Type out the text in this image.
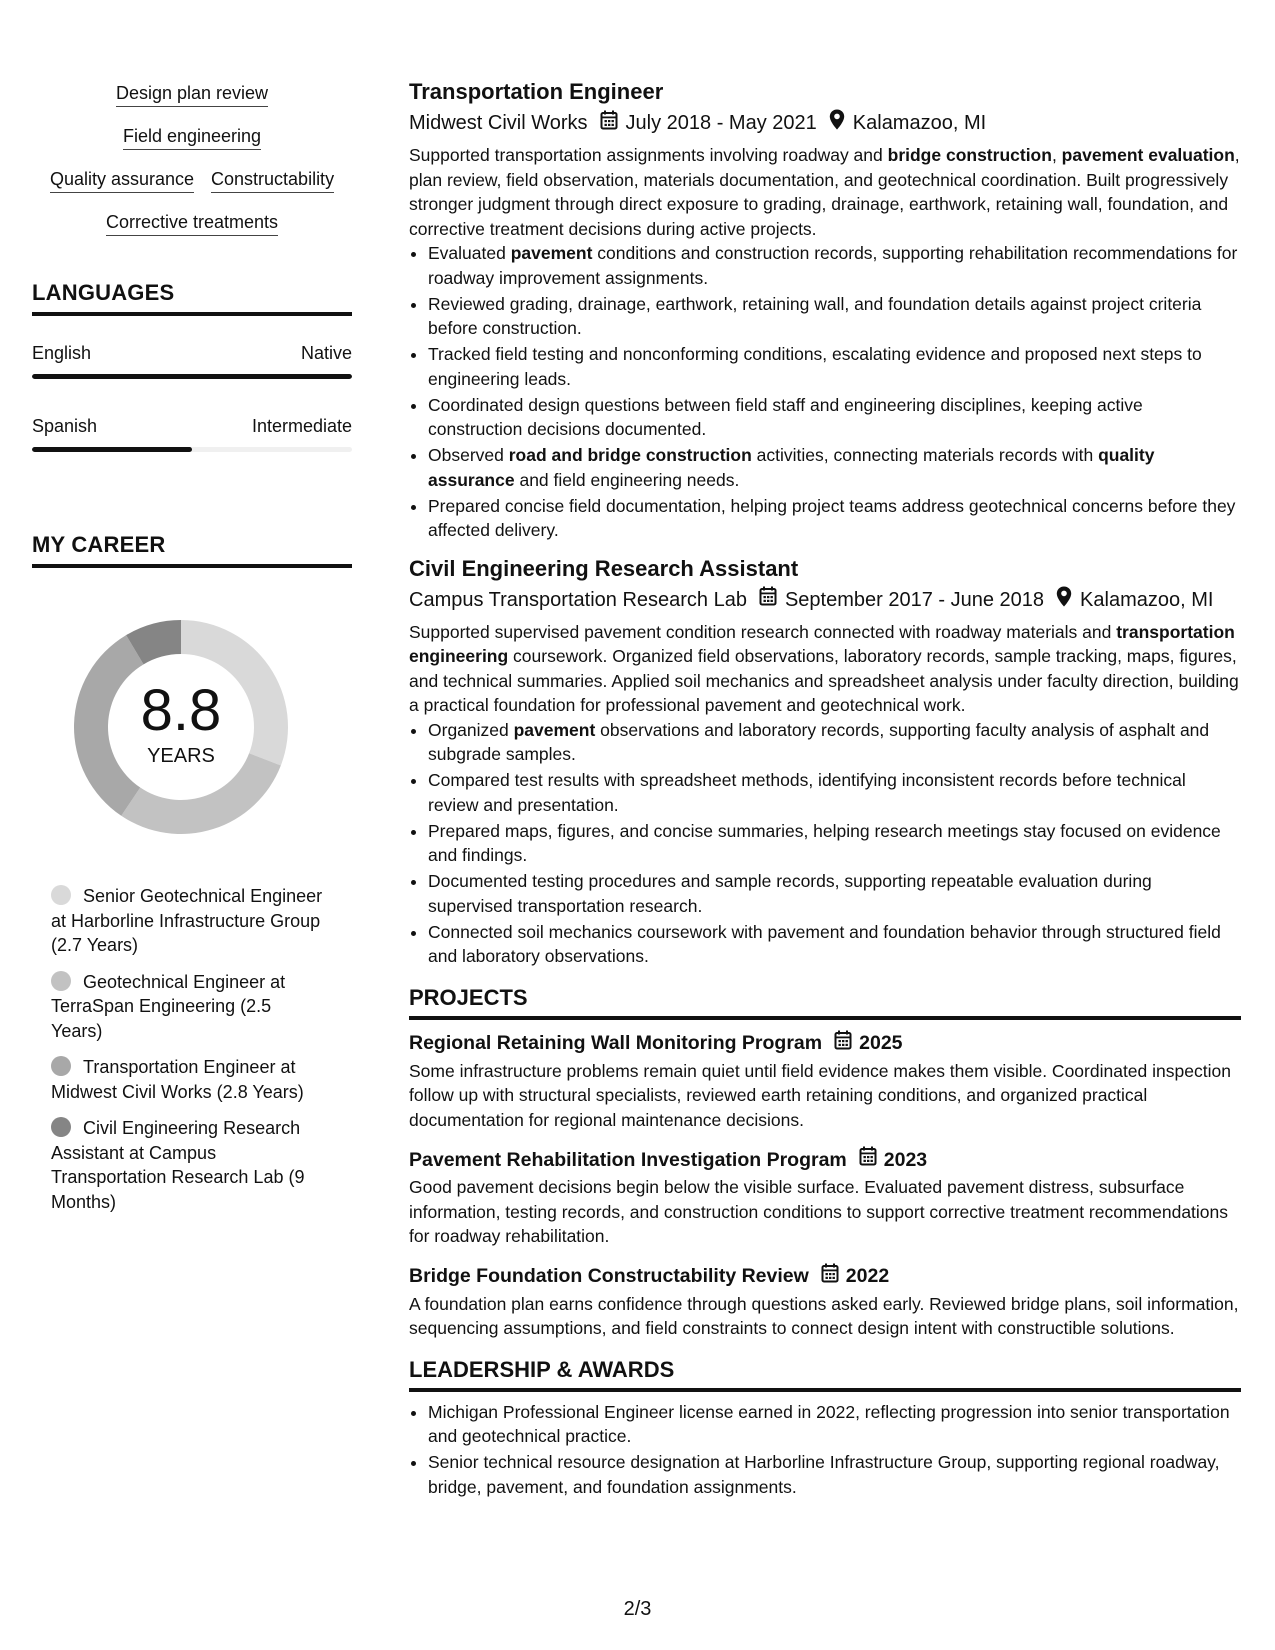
Design plan review
Field engineering
Quality assurance Constructability
Corrective treatments
LANGUAGES
English	Native
Spanish	Intermediate
MY CAREER
8.8
YEARS
Senior Geotechnical Engineer at Harborline Infrastructure Group (2.7 Years)
Geotechnical Engineer at TerraSpan Engineering (2.5 Years)
Transportation Engineer at Midwest Civil Works (2.8 Years)
Civil Engineering Research Assistant at Campus Transportation Research Lab (9 Months)
Transportation Engineer
Midwest Civil Works July 2018 - May 2021 Kalamazoo, MI
Supported transportation assignments involving roadway and bridge construction, pavement evaluation, plan review, field observation, materials documentation, and geotechnical coordination. Built progressively stronger judgment through direct exposure to grading, drainage, earthwork, retaining wall, foundation, and corrective treatment decisions during active projects.
• Evaluated pavement conditions and construction records, supporting rehabilitation recommendations for roadway improvement assignments.
• Reviewed grading, drainage, earthwork, retaining wall, and foundation details against project criteria before construction.
• Tracked field testing and nonconforming conditions, escalating evidence and proposed next steps to engineering leads.
• Coordinated design questions between field staff and engineering disciplines, keeping active construction decisions documented.
• Observed road and bridge construction activities, connecting materials records with quality assurance and field engineering needs.
• Prepared concise field documentation, helping project teams address geotechnical concerns before they affected delivery.
Civil Engineering Research Assistant
Campus Transportation Research Lab September 2017 - June 2018 Kalamazoo, MI
Supported supervised pavement condition research connected with roadway materials and transportation engineering coursework. Organized field observations, laboratory records, sample tracking, maps, figures, and technical summaries. Applied soil mechanics and spreadsheet analysis under faculty direction, building a practical foundation for professional pavement and geotechnical work.
• Organized pavement observations and laboratory records, supporting faculty analysis of asphalt and subgrade samples.
• Compared test results with spreadsheet methods, identifying inconsistent records before technical review and presentation.
• Prepared maps, figures, and concise summaries, helping research meetings stay focused on evidence and findings.
• Documented testing procedures and sample records, supporting repeatable evaluation during supervised transportation research.
• Connected soil mechanics coursework with pavement and foundation behavior through structured field and laboratory observations.
PROJECTS
Regional Retaining Wall Monitoring Program 2025
Some infrastructure problems remain quiet until field evidence makes them visible. Coordinated inspection follow up with structural specialists, reviewed earth retaining conditions, and organized practical documentation for regional maintenance decisions.
Pavement Rehabilitation Investigation Program 2023
Good pavement decisions begin below the visible surface. Evaluated pavement distress, subsurface information, testing records, and construction conditions to support corrective treatment recommendations for roadway rehabilitation.
Bridge Foundation Constructability Review 2022
A foundation plan earns confidence through questions asked early. Reviewed bridge plans, soil information, sequencing assumptions, and field constraints to connect design intent with constructible solutions.
LEADERSHIP & AWARDS
• Michigan Professional Engineer license earned in 2022, reflecting progression into senior transportation and geotechnical practice.
• Senior technical resource designation at Harborline Infrastructure Group, supporting regional roadway, bridge, pavement, and foundation assignments.
2/3
